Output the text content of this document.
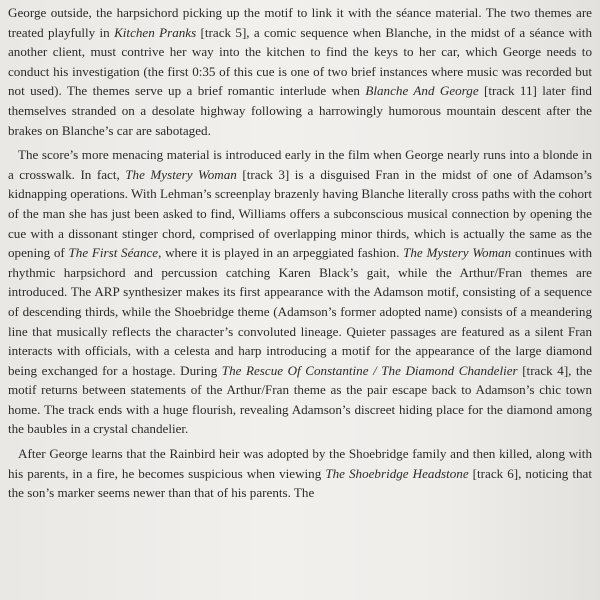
George outside, the harpsichord picking up the motif to link it with the séance material. The two themes are treated playfully in Kitchen Pranks [track 5], a comic sequence when Blanche, in the midst of a séance with another client, must contrive her way into the kitchen to find the keys to her car, which George needs to conduct his investigation (the first 0:35 of this cue is one of two brief instances where music was recorded but not used). The themes serve up a brief romantic interlude when Blanche And George [track 11] later find themselves stranded on a desolate highway following a harrowingly humorous mountain descent after the brakes on Blanche’s car are sabotaged.

The score’s more menacing material is introduced early in the film when George nearly runs into a blonde in a crosswalk. In fact, The Mystery Woman [track 3] is a disguised Fran in the midst of one of Adamson’s kidnapping operations. With Lehman’s screenplay brazenly having Blanche literally cross paths with the cohort of the man she has just been asked to find, Williams offers a subconscious musical connection by opening the cue with a dissonant stinger chord, comprised of overlapping minor thirds, which is actually the same as the opening of The First Séance, where it is played in an arpeggiated fashion. The Mystery Woman continues with rhythmic harpsichord and percussion catching Karen Black’s gait, while the Arthur/Fran themes are introduced. The ARP synthesizer makes its first appearance with the Adamson motif, consisting of a sequence of descending thirds, while the Shoebridge theme (Adamson’s former adopted name) consists of a meandering line that musically reflects the character’s convoluted lineage. Quieter passages are featured as a silent Fran interacts with officials, with a celesta and harp introducing a motif for the appearance of the large diamond being exchanged for a hostage. During The Rescue Of Constantine / The Diamond Chandelier [track 4], the motif returns between statements of the Arthur/Fran theme as the pair escape back to Adamson’s chic town home. The track ends with a huge flourish, revealing Adamson’s discreet hiding place for the diamond among the baubles in a crystal chandelier.

After George learns that the Rainbird heir was adopted by the Shoebridge family and then killed, along with his parents, in a fire, he becomes suspicious when viewing The Shoebridge Headstone [track 6], noticing that the son’s marker seems newer than that of his parents. The
